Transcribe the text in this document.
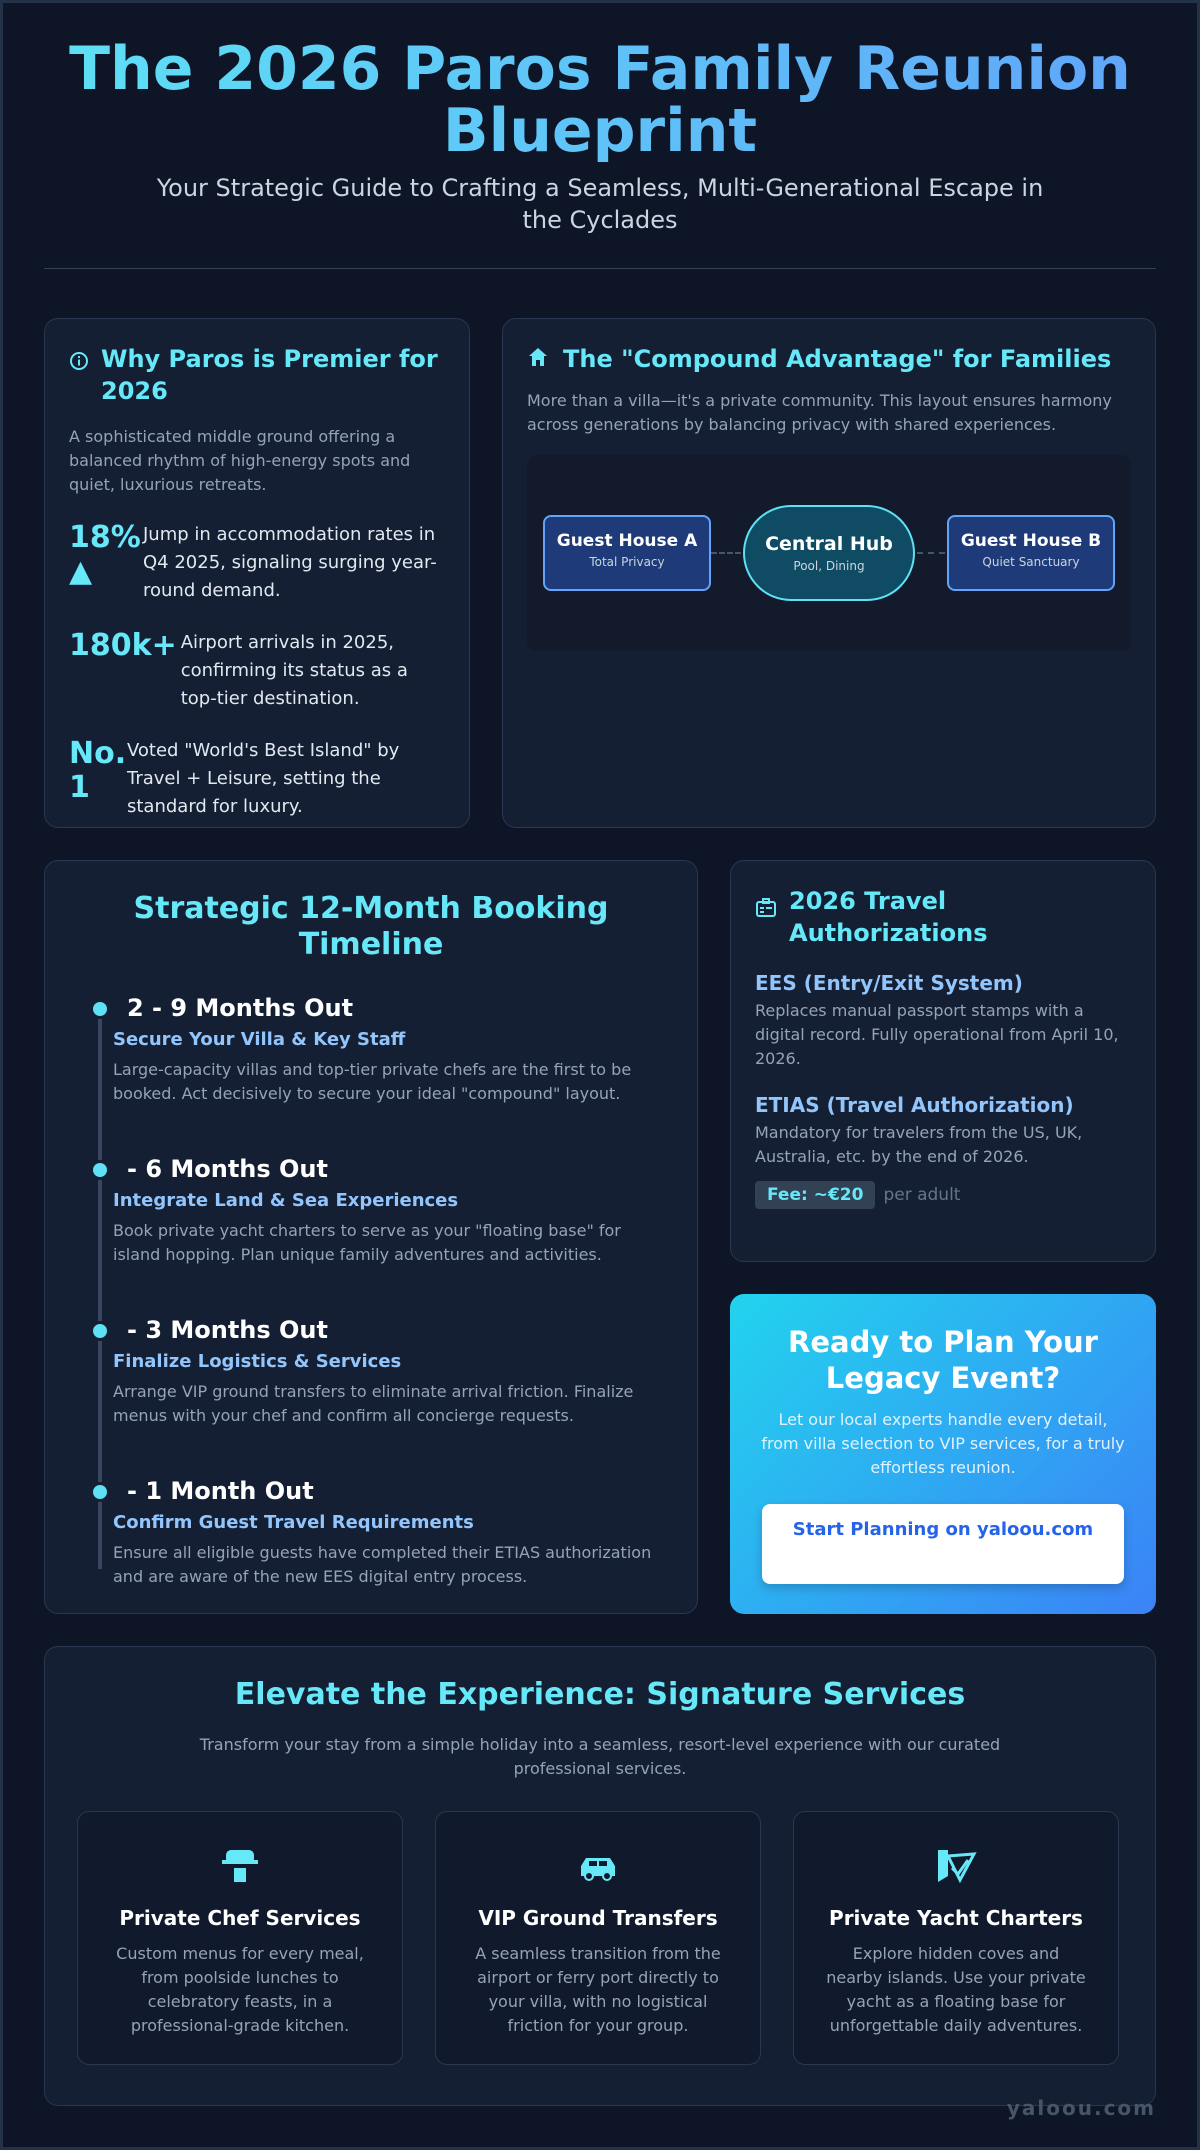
The 2026 Paros Family Reunion Blueprint

Your Strategic Guide to Crafting a Seamless, Multi-Generational Escape in the Cyclades

Why Paros is Premier for 2026

A sophisticated middle ground offering a balanced rhythm of high-energy spots and quiet, luxurious retreats.

18% ▲
Jump in accommodation rates in Q4 2025, signaling surging year-round demand.
180k+ Airport arrivals in 2025, confirming its status as a top-tier destination.
No. 1
Voted "World's Best Island" by Travel + Leisure, setting the standard for luxury.
The "Compound Advantage" for Families

More than a villa—it's a private community. This layout ensures harmony across generations by balancing privacy with shared experiences.

Guest House A
Total Privacy
Central Hub
Pool, Dining
Guest House B
Quiet Sanctuary
Strategic 12-Month Booking Timeline
2 - 9 Months Out
Secure Your Villa & Key Staff
Large-capacity villas and top-tier private chefs are the first to be booked. Act decisively to secure your ideal "compound" layout.
- 6 Months Out
Integrate Land & Sea Experiences
Book private yacht charters to serve as your "floating base" for island hopping. Plan unique family adventures and activities.
- 3 Months Out
Finalize Logistics & Services
Arrange VIP ground transfers to eliminate arrival friction. Finalize menus with your chef and confirm all concierge requests.
- 1 Month Out
Confirm Guest Travel Requirements
Ensure all eligible guests have completed their ETIAS authorization and are aware of the new EES digital entry process.
2026 Travel Authorizations
EES (Entry/Exit System)
Replaces manual passport stamps with a digital record. Fully operational from April 10, 2026.
ETIAS (Travel Authorization)
Mandatory for travelers from the US, UK, Australia, etc. by the end of 2026.
Fee: ~€20	per adult
Ready to Plan Your Legacy Event?
Let our local experts handle every detail, from villa selection to VIP services, for a truly effortless reunion.
Start Planning on yaloou.com
Elevate the Experience: Signature Services

Transform your stay from a simple holiday into a seamless, resort-level experience with our curated professional services.

Private Chef Services
Custom menus for every meal, from poolside lunches to celebratory feasts, in a professional-grade kitchen.
VIP Ground Transfers
A seamless transition from the airport or ferry port directly to your villa, with no logistical friction for your group.
Private Yacht Charters
Explore hidden coves and nearby islands. Use your private yacht as a floating base for unforgettable daily adventures.
yaloou.com
